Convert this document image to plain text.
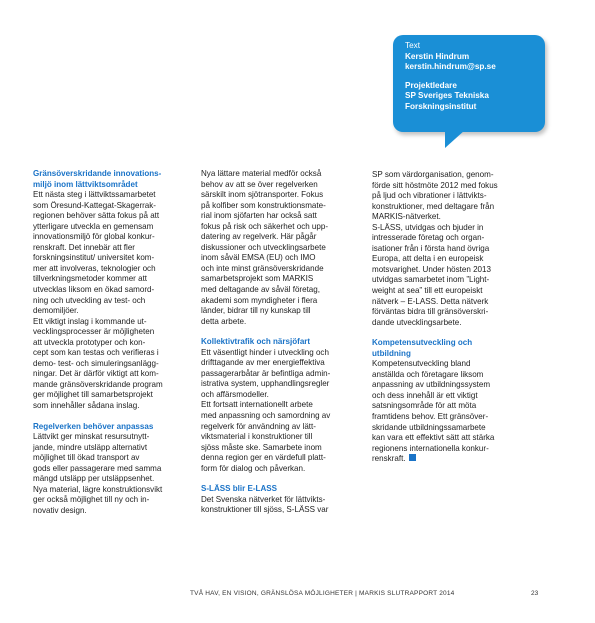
Text
Kerstin Hindrum
kerstin.hindrum@sp.se
Projektledare
SP Sveriges Tekniska
Forskningsinstitut

Gränsöverskridande innovations-

miljö inom lättviktsområdet

Ett nästa steg i lättviktssamarbetet

som Öresund-Kattegat-Skagerrak-

regionen behöver sätta fokus på att

ytterligare utveckla en gemensam

innovationsmiljö för global konkur-

renskraft. Det innebär att fler

forskningsinstitut/ universitet kom-

mer att involveras, teknologier och

tillverkningsmetoder kommer att

utvecklas liksom en ökad samord-

ning och utveckling av test- och

demomiljöer.

Ett viktigt inslag i kommande ut-

vecklingsprocesser är möjligheten

att utveckla prototyper och kon-

cept som kan testas och verifieras i

demo- test- och simuleringsanlägg-

ningar. Det är därför viktigt att kom-

mande gränsöverskridande program

ger möjlighet till samarbetsprojekt

som innehåller sådana inslag.

Regelverken behöver anpassas

Lättvikt ger minskat resursutnytt-

jande, mindre utsläpp alternativt

möjlighet till ökad transport av

gods eller passagerare med samma

mängd utsläpp per utsläppsenhet.

Nya material, lägre konstruktionsvikt

ger också möjlighet till ny och in-

novativ design.

Nya lättare material medför också

behov av att se över regelverken

särskilt inom sjötransporter. Fokus

på kolfiber som konstruktionsmate-

rial inom sjöfarten har också satt

fokus på risk och säkerhet och upp-

datering av regelverk. Här pågår

diskussioner och utvecklingsarbete

inom såväl EMSA (EU) och IMO

och inte minst gränsöverskridande

samarbetsprojekt som MARKIS

med deltagande av såväl företag,

akademi som myndigheter i flera

länder, bidrar till ny kunskap till

detta arbete.

Kollektivtrafik och närsjöfart

Ett väsentligt hinder i utveckling och

drifttagande av mer energieffektiva

passagerarbåtar är befintliga admin-

istrativa system, upphandlingsregler

och affärsmodeller.

Ett fortsatt internationellt arbete

med anpassning och samordning av

regelverk för användning av lätt-

viktsmaterial i konstruktioner till

sjöss måste ske. Samarbete inom

denna region ger en värdefull platt-

form för dialog och påverkan.

S-LÄSS blir E-LASS

Det Svenska nätverket för lättvikts-

konstruktioner till sjöss, S-LÄSS var

SP som värdorganisation, genom-

förde sitt höstmöte 2012 med fokus

på ljud och vibrationer i lättvikts-

konstruktioner, med deltagare från

MARKIS-nätverket.

S-LÄSS, utvidgas och bjuder in

intresserade företag och organ-

isationer från i första hand övriga

Europa, att delta i en europeisk

motsvarighet. Under hösten 2013

utvidgas samarbetet inom ”Light-

weight at sea” till ett europeiskt

nätverk – E-LASS. Detta nätverk

förväntas bidra till gränsöverskri-

dande utvecklingsarbete.

Kompetensutveckling och

utbildning

Kompetensutveckling bland

anställda och företagare liksom

anpassning av utbildningssystem

och dess innehåll är ett viktigt

satsningsområde för att möta

framtidens behov. Ett gränsöver-

skridande utbildningssamarbete

kan vara ett effektivt sätt att stärka

regionens internationella konkur-

renskraft.

TVÅ HAV, EN VISION, GRÄNSLÖSA MÖJLIGHETER | MARKIS SLUTRAPPORT 2014	23
